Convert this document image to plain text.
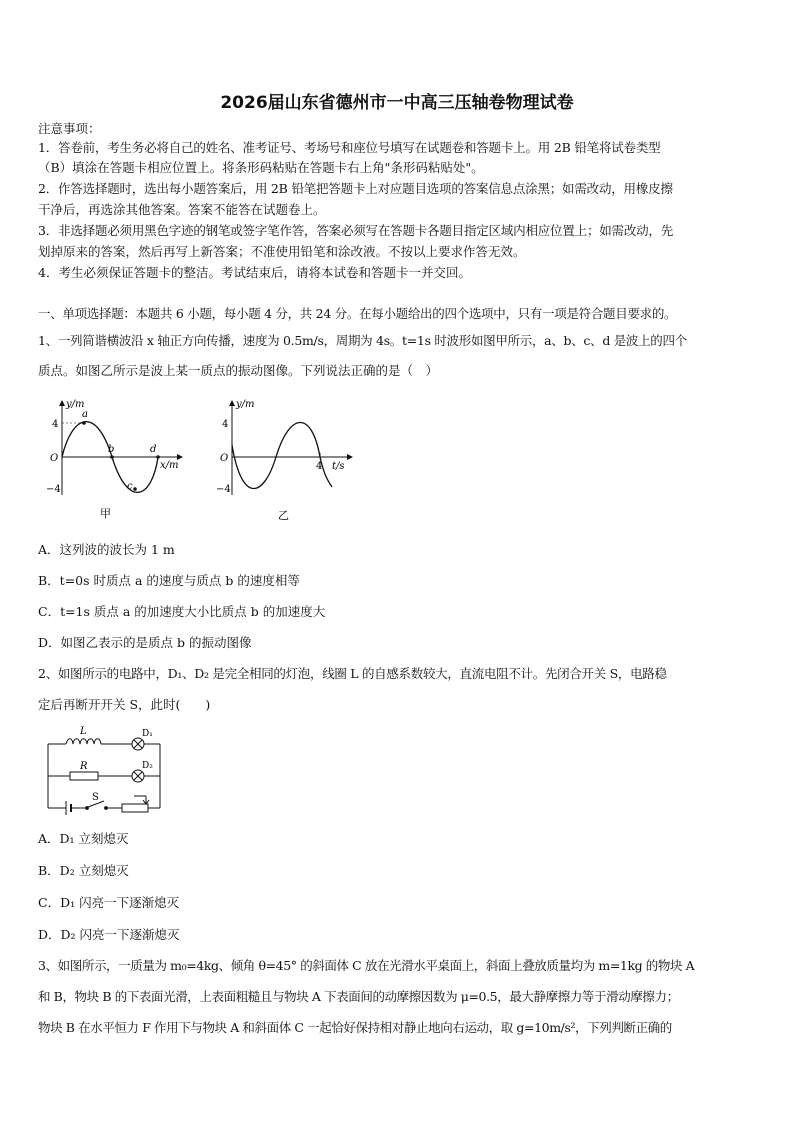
2026届山东省德州市一中高三压轴卷物理试卷
注意事项：
1．答卷前，考生务必将自己的姓名、准考证号、考场号和座位号填写在试题卷和答题卡上。用 2B 铅笔将试卷类型
（B）填涂在答题卡相应位置上。将条形码粘贴在答题卡右上角"条形码粘贴处"。
2．作答选择题时，选出每小题答案后，用 2B 铅笔把答题卡上对应题目选项的答案信息点涂黑；如需改动，用橡皮擦
干净后，再选涂其他答案。答案不能答在试题卷上。
3．非选择题必须用黑色字迹的钢笔或签字笔作答，答案必须写在答题卡各题目指定区域内相应位置上；如需改动，先
划掉原来的答案，然后再写上新答案；不准使用铅笔和涂改液。不按以上要求作答无效。
4．考生必须保证答题卡的整洁。考试结束后，请将本试卷和答题卡一并交回。
一、单项选择题：本题共 6 小题，每小题 4 分，共 24 分。在每小题给出的四个选项中，只有一项是符合题目要求的。
1、一列简谐横波沿 x 轴正方向传播，速度为 0.5m/s，周期为 4s。t=1s 时波形如图甲所示，a、b、c、d 是波上的四个
质点。如图乙所示是波上某一质点的振动图像。下列说法正确的是（　）
y/m
4
−4
O
x/m
a
b
c
d
甲
y/m
4
−4
O
4 t/s
乙
A．这列波的波长为 1 m
B．t=0s 时质点 a 的速度与质点 b 的速度相等
C．t=1s 质点 a 的加速度大小比质点 b 的加速度大
D．如图乙表示的是质点 b 的振动图像
2、如图所示的电路中，D₁、D₂ 是完全相同的灯泡，线圈 L 的自感系数较大，直流电阻不计。先闭合开关 S，电路稳
定后再断开开关 S，此时(　　)
L	D₁
R	D₂
S
A．D₁ 立刻熄灭
B．D₂ 立刻熄灭
C．D₁ 闪亮一下逐渐熄灭
D．D₂ 闪亮一下逐渐熄灭
3、如图所示，一质量为 m₀=4kg、倾角 θ=45° 的斜面体 C 放在光滑水平桌面上，斜面上叠放质量均为 m=1kg 的物块 A
和 B，物块 B 的下表面光滑，上表面粗糙且与物块 A 下表面间的动摩擦因数为 μ=0.5，最大静摩擦力等于滑动摩擦力；
物块 B 在水平恒力 F 作用下与物块 A 和斜面体 C 一起恰好保持相对静止地向右运动，取 g=10m/s²，下列判断正确的
